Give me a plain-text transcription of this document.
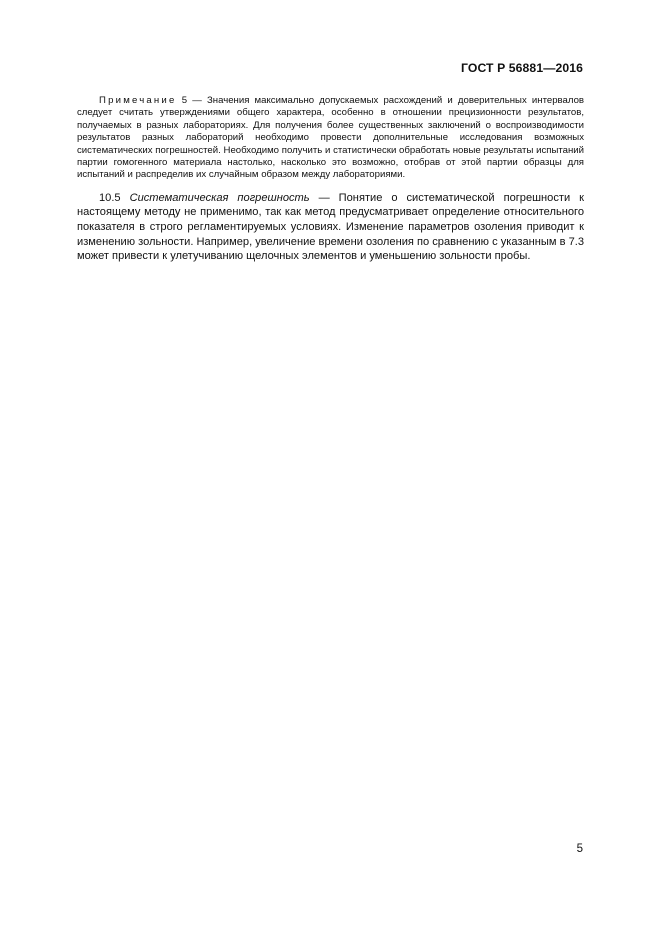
ГОСТ Р 56881—2016

Примечание 5 — Значения максимально допускаемых расхождений и доверительных интервалов следует считать утверждениями общего характера, особенно в отношении прецизионности результатов, получаемых в разных лабораториях. Для получения более существенных заключений о воспроизводимости результатов разных лабораторий необходимо провести дополнительные исследования возможных систематических погрешностей. Необходимо получить и статистически обработать новые результаты испытаний партии гомогенного материала настолько, насколько это возможно, отобрав от этой партии образцы для испытаний и распределив их случайным образом между лабораториями.

10.5 Систематическая погрешность — Понятие о систематической погрешности к настоящему методу не применимо, так как метод предусматривает определение относительного показателя в строго регламентируемых условиях. Изменение параметров озоления приводит к изменению зольности. Например, увеличение времени озоления по сравнению с указанным в 7.3 может привести к улетучиванию щелочных элементов и уменьшению зольности пробы.

5
